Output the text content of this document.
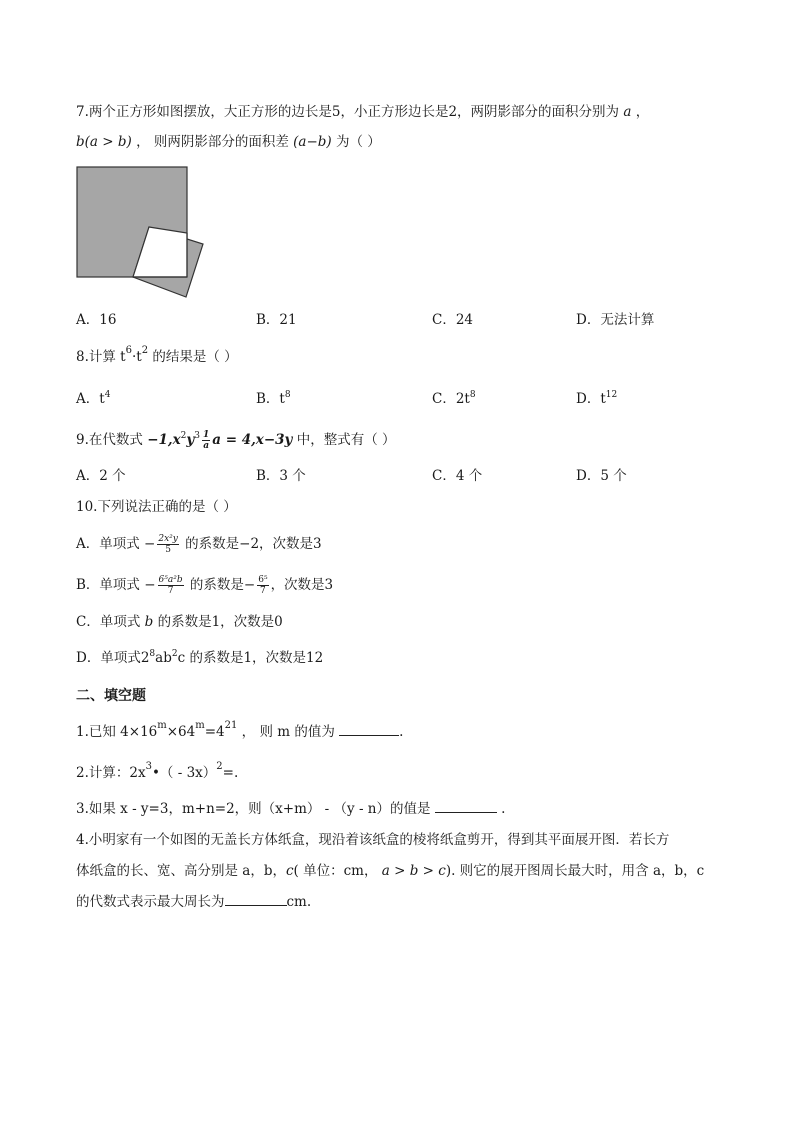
7.两个正方形如图摆放，大正方形的边长是5，小正方形边长是2，两阴影部分的面积分别为 a ，
b(a > b) ， 则两阴影部分的面积差 (a−b) 为（ ）
A．16	B．21	C．24	D．无法计算
8.计算 $t^6\cdot t^2$ 的结果是（ ）
A．$t^4$	B．$t^8$	C．$2t^8$	D．$t^{12}$
9.在代数式 $-1,x^2y^3 \frac{1}{a}$ a = 4,x−3y 中，整式有（ ）
A．2 个	B．3 个	C．4 个	D．5 个
10.下列说法正确的是（ ）
A．单项式 − $\frac{\text{2x²y}}{5}$ 的系数是−2，次数是3
B．单项式 − $\frac{\text{6⁵a²b}}{7}$ 的系数是− $\frac{\text{6⁵}}{7}$ ，次数是3
C．单项式 b 的系数是1，次数是0
D．单项式$2^8ab^2c$ 的系数是1，次数是12
二、填空题
1.已知 $4\times 16^m\times 64^m=4^{21}$ ， 则 m 的值为	.
2.计算：$2x^3•( - 3x)^2=$.
3.如果 x - y=3，m+n=2，则（x+m） - （y - n）的值是	.
4.小明家有一个如图的无盖长方体纸盒，现沿着该纸盒的棱将纸盒剪开，得到其平面展开图．若长方
体纸盒的长、宽、高分别是 a，b，c( 单位：cm， a > b > c). 则它的展开图周长最大时，用含 a，b，c
的代数式表示最大周长为	cm.
